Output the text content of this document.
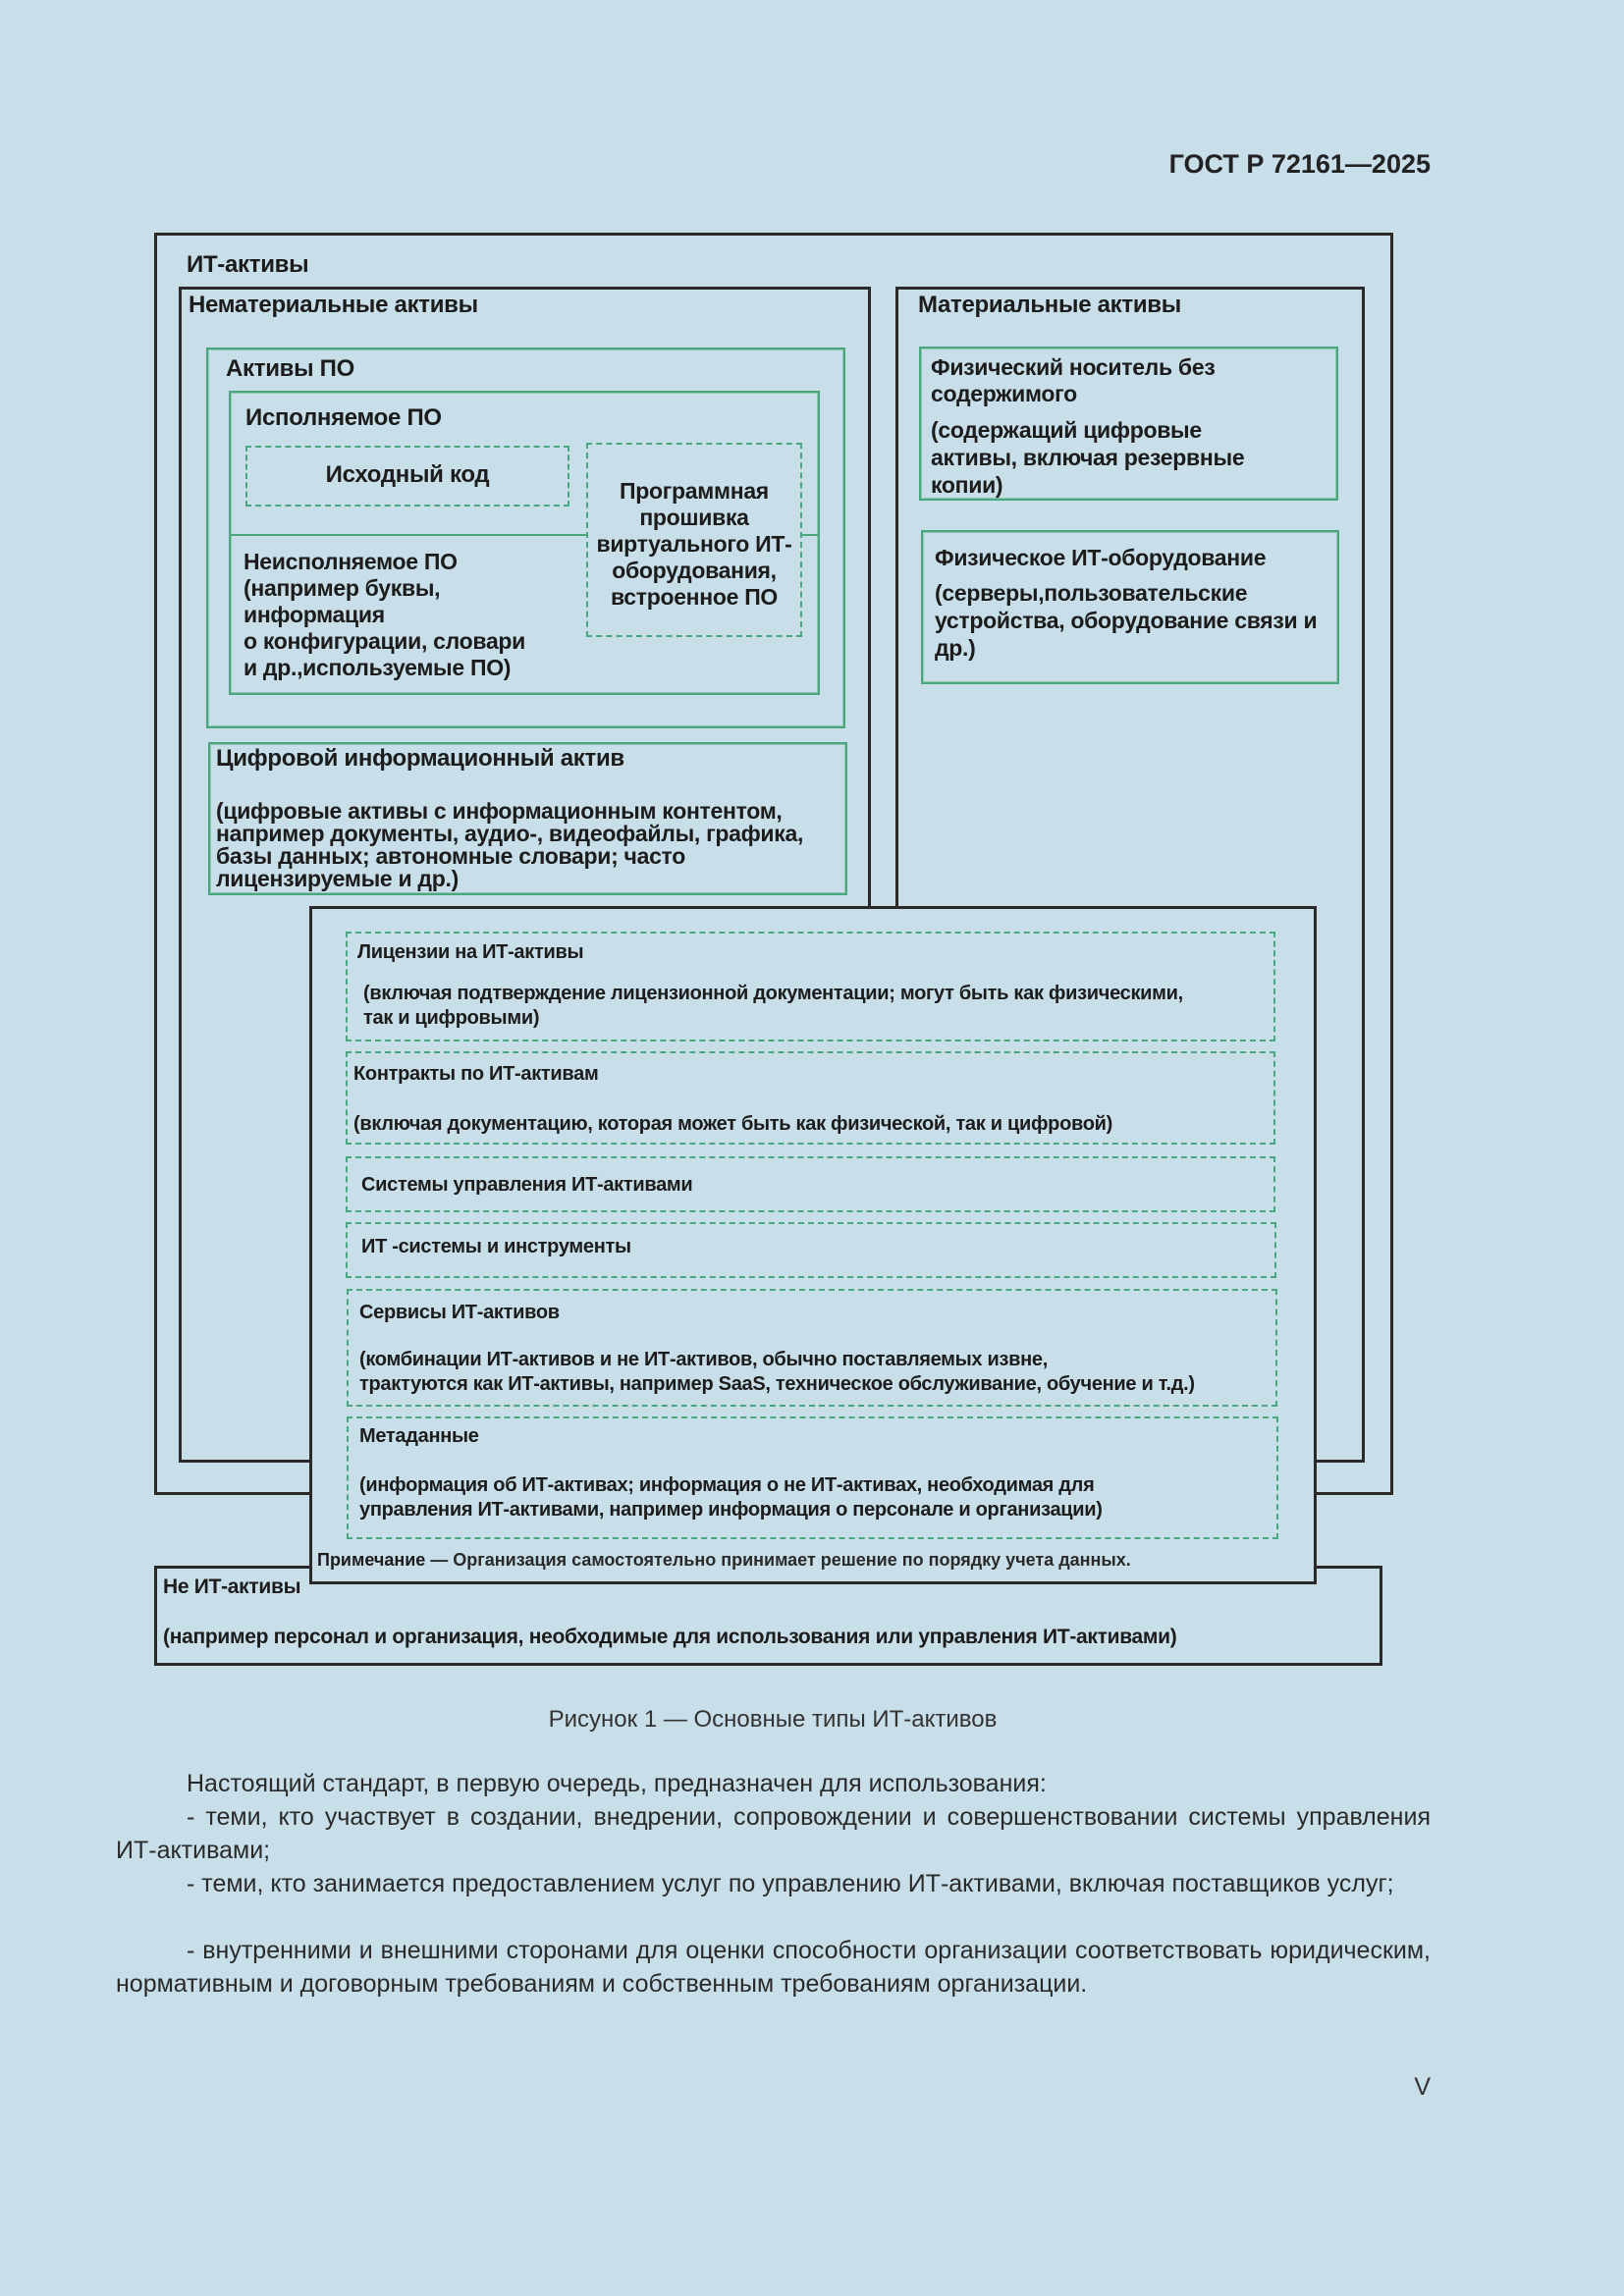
ГОСТ Р 72161—2025
ИТ-активы
Нематериальные активы
Активы ПО
Исполняемое ПО
Исходный код
Программная
прошивка
виртуального ИТ-
оборудования,
встроенное ПО
Неисполняемое ПО
(например буквы,
информация
о конфигурации, словари
и др.,используемые ПО)
Цифровой информационный актив
(цифровые активы с информационным контентом,
например документы, аудио-, видеофайлы, графика,
базы данных; автономные словари; часто
лицензируемые и др.)
Материальные активы
Физический носитель без
содержимого
(содержащий цифровые
активы, включая резервные
копии)
Физическое ИТ-оборудование
(серверы,пользовательские
устройства, оборудование связи и
др.)
Не ИТ-активы
(например персонал и организация, необходимые для использования или управления ИТ-активами)
Лицензии на ИТ-активы
(включая подтверждение лицензионной документации; могут быть как физическими,
так и цифровыми)
Контракты по ИТ-активам
(включая документацию, которая может быть как физической, так и цифровой)
Системы управления ИТ-активами
ИТ -системы и инструменты
Сервисы ИТ-активов
(комбинации ИТ-активов и не ИТ-активов, обычно поставляемых извне,
трактуются как ИТ-активы, например SaaS, техническое обслуживание, обучение и т.д.)
Метаданные
(информация об ИТ-активах; информация о не ИТ-активах, необходимая для
управления ИТ-активами, например информация о персонале и организации)
Примечание — Организация самостоятельно принимает решение по порядку учета данных.
Рисунок 1 — Основные типы ИТ-активов

Настоящий стандарт, в первую очередь, предназначен для использования:

- теми, кто участвует в создании, внедрении, сопровождении и совершенствовании системы управления ИТ-активами;

- теми, кто занимается предоставлением услуг по управлению ИТ-активами, включая поставщиков услуг;

- внутренними и внешними сторонами для оценки способности организации соответствовать юридическим, нормативным и договорным требованиям и собственным требованиям организации.

V
